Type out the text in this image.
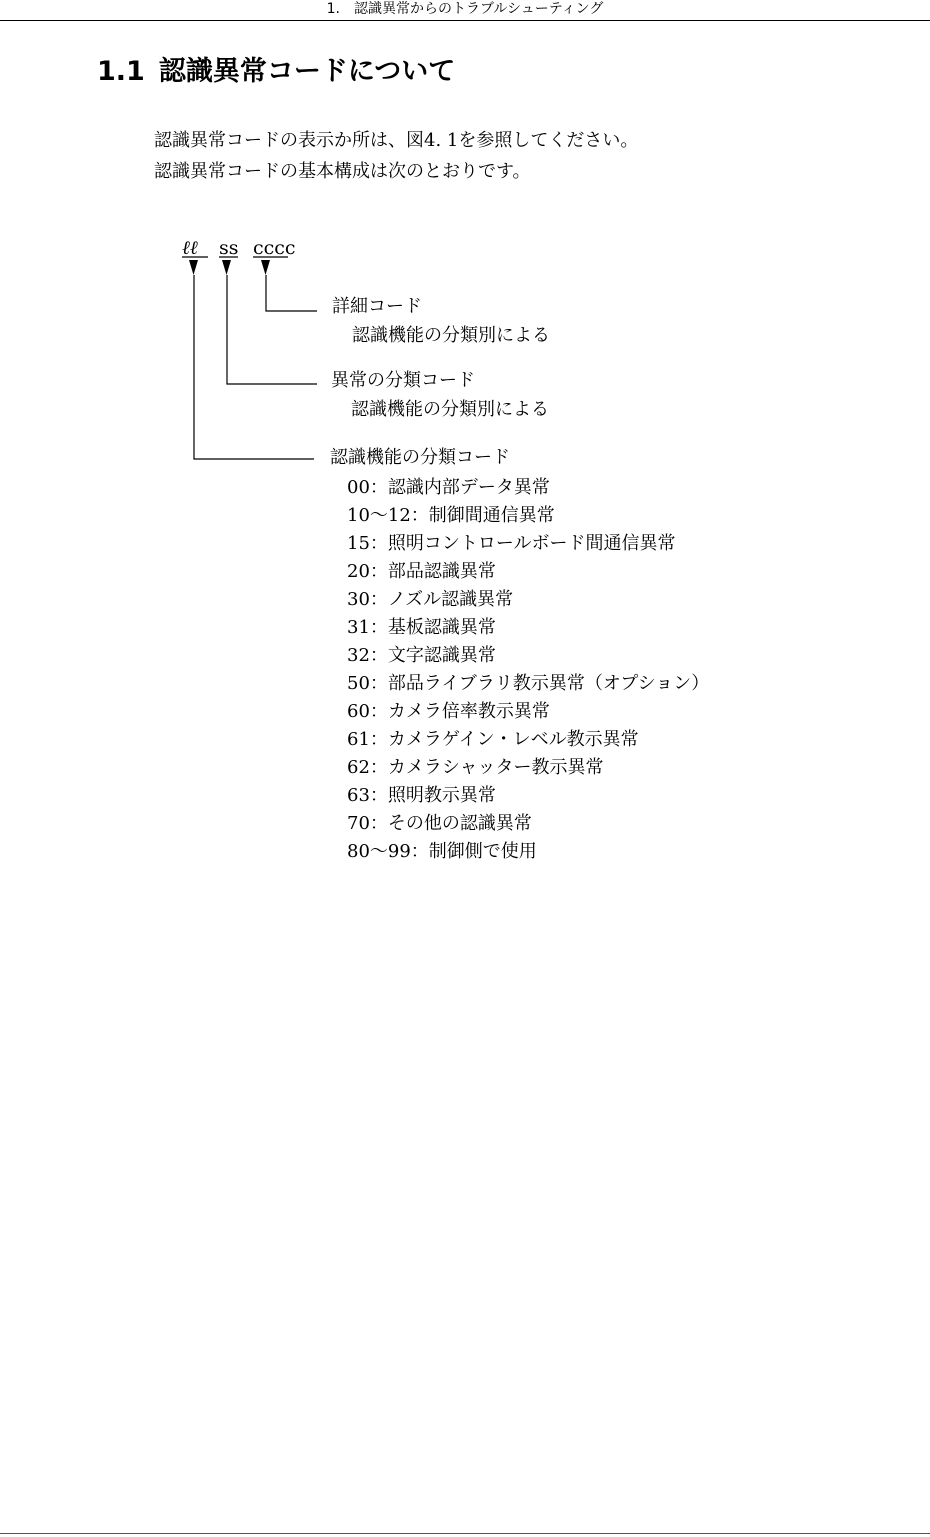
1.　認識異常からのトラブルシューティング
1.1 認識異常コードについて
認識異常コードの表示か所は、図4. 1を参照してください。
認識異常コードの基本構成は次のとおりです。
ℓℓ ss cccc
詳細コード
認識機能の分類別による
異常の分類コード
認識機能の分類別による
認識機能の分類コード
00：認識内部データ異常
10〜12：制御間通信異常
15：照明コントロールボード間通信異常
20：部品認識異常
30：ノズル認識異常
31：基板認識異常
32：文字認識異常
50：部品ライブラリ教示異常（オプション）
60：カメラ倍率教示異常
61：カメラゲイン・レベル教示異常
62：カメラシャッター教示異常
63：照明教示異常
70：その他の認識異常
80〜99：制御側で使用
